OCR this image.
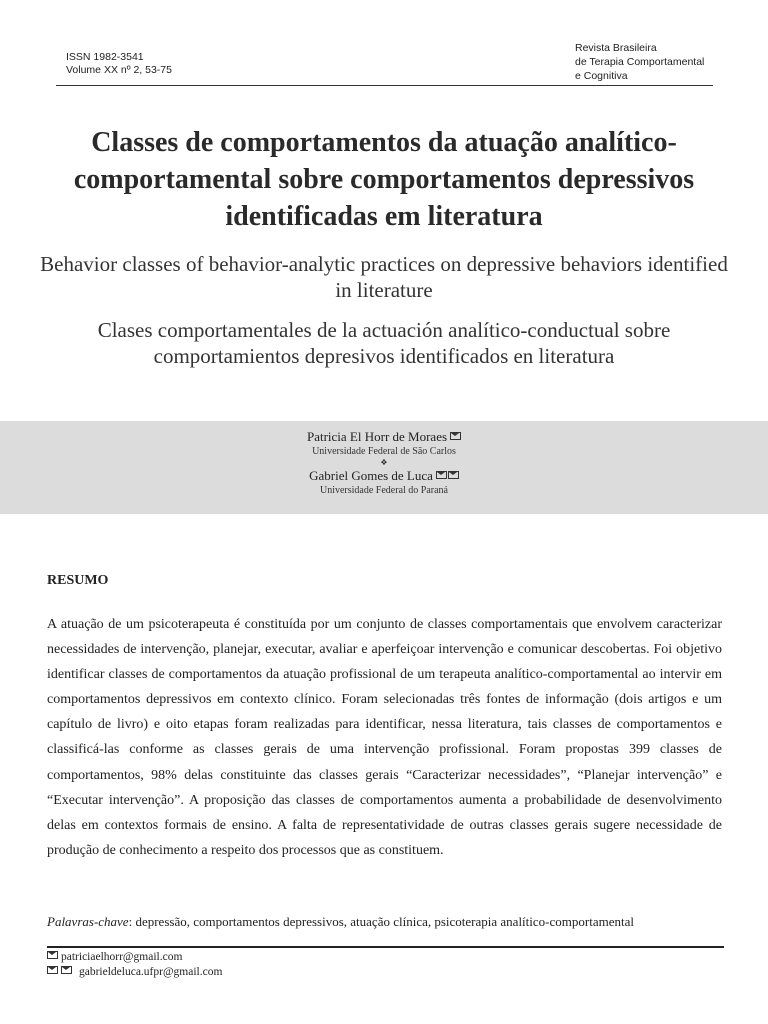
ISSN 1982-3541
Volume XX nº 2, 53-75
Revista Brasileira
de Terapia Comportamental
e Cognitiva
Classes de comportamentos da atuação analítico-comportamental sobre comportamentos depressivos identificadas em literatura
Behavior classes of behavior-analytic practices on depressive behaviors identified in literature
Clases comportamentales de la actuación analítico-conductual sobre comportamientos depresivos identificados en literatura
Patricia El Horr de Moraes
Universidade Federal de São Carlos
❖
Gabriel Gomes de Luca
Universidade Federal do Paraná
RESUMO

A atuação de um psicoterapeuta é constituída por um conjunto de classes comportamentais que envolvem caracterizar necessidades de intervenção, planejar, executar, avaliar e aperfeiçoar intervenção e comunicar descobertas. Foi objetivo identificar classes de comportamentos da atuação profissional de um terapeuta analítico-comportamental ao intervir em comportamentos depressivos em contexto clínico. Foram selecionadas três fontes de informação (dois artigos e um capítulo de livro) e oito etapas foram realizadas para identificar, nessa literatura, tais classes de comportamentos e classificá-las conforme as classes gerais de uma intervenção profissional. Foram propostas 399 classes de comportamentos, 98% delas constituinte das classes gerais “Caracterizar necessidades”, “Planejar intervenção” e “Executar intervenção”. A proposição das classes de comportamentos aumenta a probabilidade de desenvolvimento delas em contextos formais de ensino. A falta de representatividade de outras classes gerais sugere necessidade de produção de conhecimento a respeito dos processos que as constituem.

Palavras-chave: depressão, comportamentos depressivos, atuação clínica, psicoterapia analítico-comportamental
patriciaelhorr@gmail.com
gabrieldeluca.ufpr@gmail.com
